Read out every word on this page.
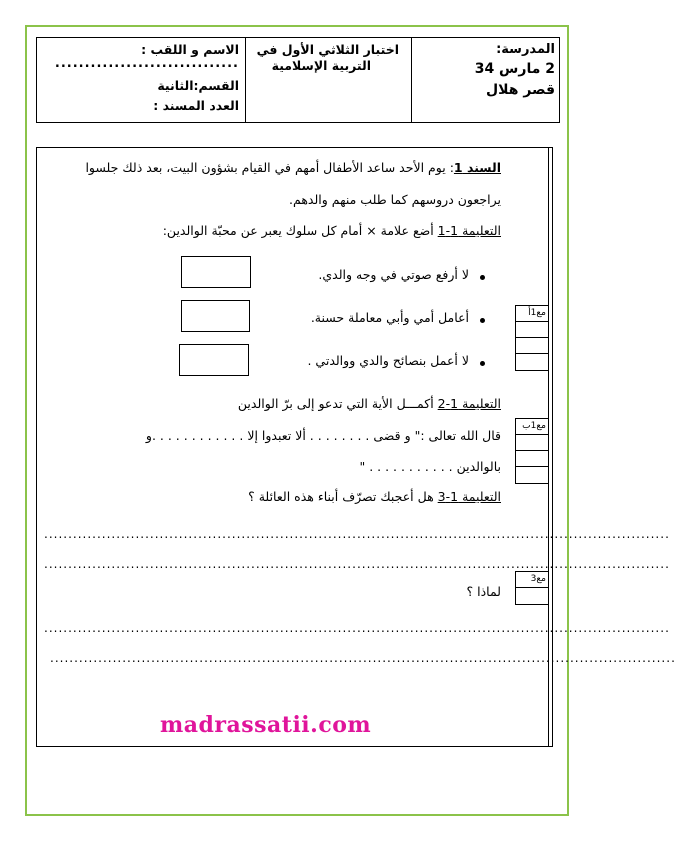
المدرسة:
2 مارس 34
قصر هلال
اختبار الثلاثي الأول في
التربية الإسلامية
الاسم و اللقب :
...............................
القسم:الثانية
العدد المسند :
السند 1: يوم الأحد ساعد الأطفال أمهم في القيام بشؤون البيت، بعد ذلك جلسوا
يراجعون دروسهم كما طلب منهم والدهم.
التعليمة 1-1 أضع علامة × أمام كل سلوك يعبر عن محبّة الوالدين:
لا أرفع صوتي في وجه والدي.
أعامل أمي وأبي معاملة حسنة.
لا أعمل بنصائح والدي ووالدتي .
التعليمة 1-2 أكمـــل الأية التي تدعو إلى برّ الوالدين
قال الله تعالى :" و قضى . . . . . . . . ألا تعبدوا إلا . . . . . . . . . . . .و
بالوالدين . . . . . . . . . . . "
التعليمة 1-3 هل أعجبك تصرّف أبناء هذه العائلة ؟
..................................................................................................................................
..................................................................................................................................
لماذا ؟
..................................................................................................................................
..................................................................................................................................
مع1أ
مع1ب
مع3
madrassatii.com
